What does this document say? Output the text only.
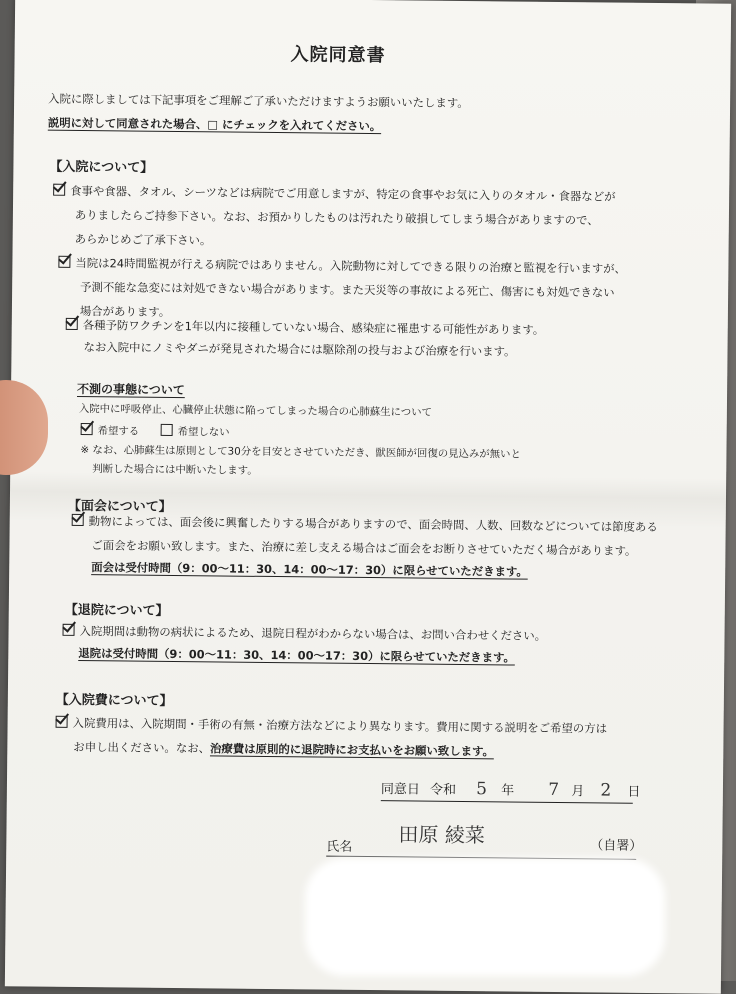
入院同意書
入院に際しましては下記事項をご理解ご了承いただけますようお願いいたします。
説明に対して同意された場合、□ にチェックを入れてください。
【入院について】
食事や食器、タオル、シーツなどは病院でご用意しますが、特定の食事やお気に入りのタオル・食器などが
ありましたらご持参下さい。なお、お預かりしたものは汚れたり破損してしまう場合がありますので、
あらかじめご了承下さい。
当院は24時間監視が行える病院ではありません。入院動物に対してできる限りの治療と監視を行いますが、
予測不能な急変には対処できない場合があります。また天災等の事故による死亡、傷害にも対処できない
場合があります。
各種予防ワクチンを1年以内に接種していない場合、感染症に罹患する可能性があります。
なお入院中にノミやダニが発見された場合には駆除剤の投与および治療を行います。
不測の事態について
入院中に呼吸停止、心臓停止状態に陥ってしまった場合の心肺蘇生について
希望する	希望しない
※ なお、心肺蘇生は原則として30分を目安とさせていただき、獣医師が回復の見込みが無いと
判断した場合には中断いたします。
【面会について】
動物によっては、面会後に興奮したりする場合がありますので、面会時間、人数、回数などについては節度ある
ご面会をお願い致します。また、治療に差し支える場合はご面会をお断りさせていただく場合があります。
面会は受付時間（9：00～11：30、14：00～17：30）に限らせていただきます。
【退院について】
入院期間は動物の病状によるため、退院日程がわからない場合は、お問い合わせください。
退院は受付時間（9：00～11：30、14：00～17：30）に限らせていただきます。
【入院費について】
入院費用は、入院期間・手術の有無・治療方法などにより異なります。費用に関する説明をご希望の方は
お申し出ください。なお、治療費は原則的に退院時にお支払いをお願い致します。
同意日 令和 5 年 7 月 2 日
氏名 田原 綾菜	（自署）
